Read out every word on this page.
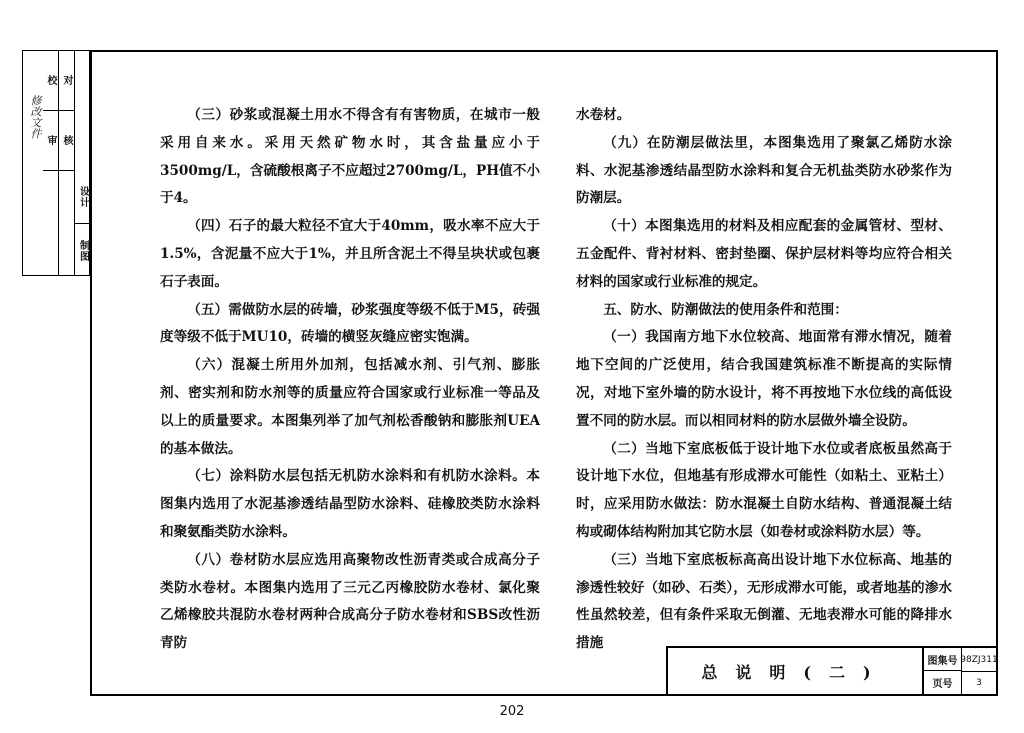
修改文件
校
审
对
核
设计
制图

（三）砂浆或混凝土用水不得含有有害物质，在城市一般采用自来水。采用天然矿物水时，其含盐量应小于3500mg/L，含硫酸根离子不应超过2700mg/L，PH值不小于4。

（四）石子的最大粒径不宜大于40mm，吸水率不应大于1.5%，含泥量不应大于1%，并且所含泥土不得呈块状或包裹石子表面。

（五）需做防水层的砖墙，砂浆强度等级不低于M5，砖强度等级不低于MU10，砖墙的横竖灰缝应密实饱满。

（六）混凝土所用外加剂，包括减水剂、引气剂、膨胀剂、密实剂和防水剂等的质量应符合国家或行业标准一等品及以上的质量要求。本图集列举了加气剂松香酸钠和膨胀剂UEA的基本做法。

（七）涂料防水层包括无机防水涂料和有机防水涂料。本图集内选用了水泥基渗透结晶型防水涂料、硅橡胶类防水涂料和聚氨酯类防水涂料。

（八）卷材防水层应选用高聚物改性沥青类或合成高分子类防水卷材。本图集内选用了三元乙丙橡胶防水卷材、氯化聚乙烯橡胶共混防水卷材两种合成高分子防水卷材和SBS改性沥青防

水卷材。

（九）在防潮层做法里，本图集选用了聚氯乙烯防水涂料、水泥基渗透结晶型防水涂料和复合无机盐类防水砂浆作为防潮层。

（十）本图集选用的材料及相应配套的金属管材、型材、五金配件、背衬材料、密封垫圈、保护层材料等均应符合相关材料的国家或行业标准的规定。

五、防水、防潮做法的使用条件和范围：

（一）我国南方地下水位较高、地面常有滞水情况，随着地下空间的广泛使用，结合我国建筑标准不断提高的实际情况，对地下室外墙的防水设计，将不再按地下水位线的高低设置不同的防水层。而以相同材料的防水层做外墙全设防。

（二）当地下室底板低于设计地下水位或者底板虽然高于设计地下水位，但地基有形成滞水可能性（如粘土、亚粘土）时，应采用防水做法：防水混凝土自防水结构、普通混凝土结构或砌体结构附加其它防水层（如卷材或涂料防水层）等。

（三）当地下室底板标高高出设计地下水位标高、地基的渗透性较好（如砂、石类），无形成滞水可能，或者地基的渗水性虽然较差，但有条件采取无倒灌、无地表滞水可能的降排水措施

总说明(二)
图集号 98ZJ311
页号	3
202
